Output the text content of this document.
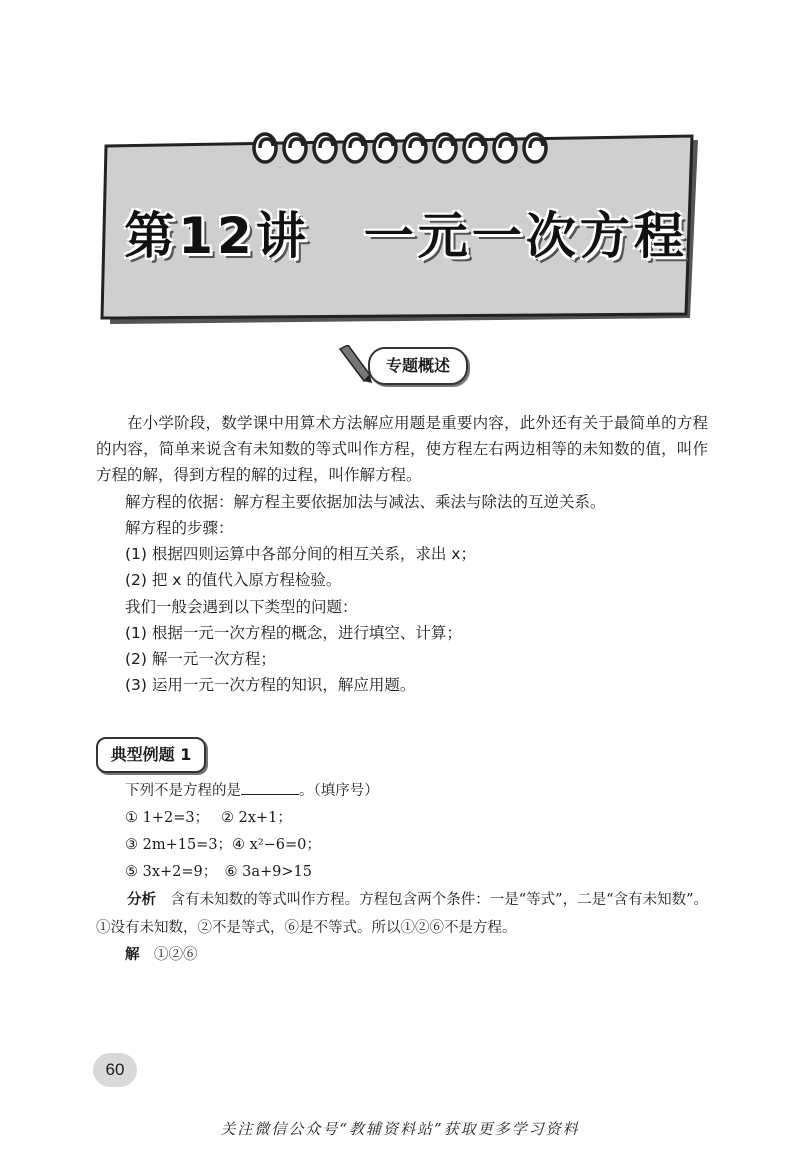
第12讲　一元一次方程
专题概述

在小学阶段，数学课中用算术方法解应用题是重要内容，此外还有关于最简单的方程的内容，简单来说含有未知数的等式叫作方程，使方程左右两边相等的未知数的值，叫作方程的解，得到方程的解的过程，叫作解方程。

解方程的依据：解方程主要依据加法与减法、乘法与除法的互逆关系。

解方程的步骤：

(1) 根据四则运算中各部分间的相互关系，求出 x；

(2) 把 x 的值代入原方程检验。

我们一般会遇到以下类型的问题：

(1) 根据一元一次方程的概念，进行填空、计算；

(2) 解一元一次方程；

(3) 运用一元一次方程的知识，解应用题。

典型例题 1

下列不是方程的是	。（填序号）

① 1+2=3；　 ② 2x+1；

③ 2m+15=3；④ x²−6=0；

⑤ 3x+2=9；　⑥ 3a+9>15

分析　 含有未知数的等式叫作方程。方程包含两个条件：一是“等式”，二是“含有未知数”。①没有未知数，②不是等式，⑥是不等式。所以①②⑥不是方程。

解　 ①②⑥

60
关注微信公众号“教辅资料站”获取更多学习资料
